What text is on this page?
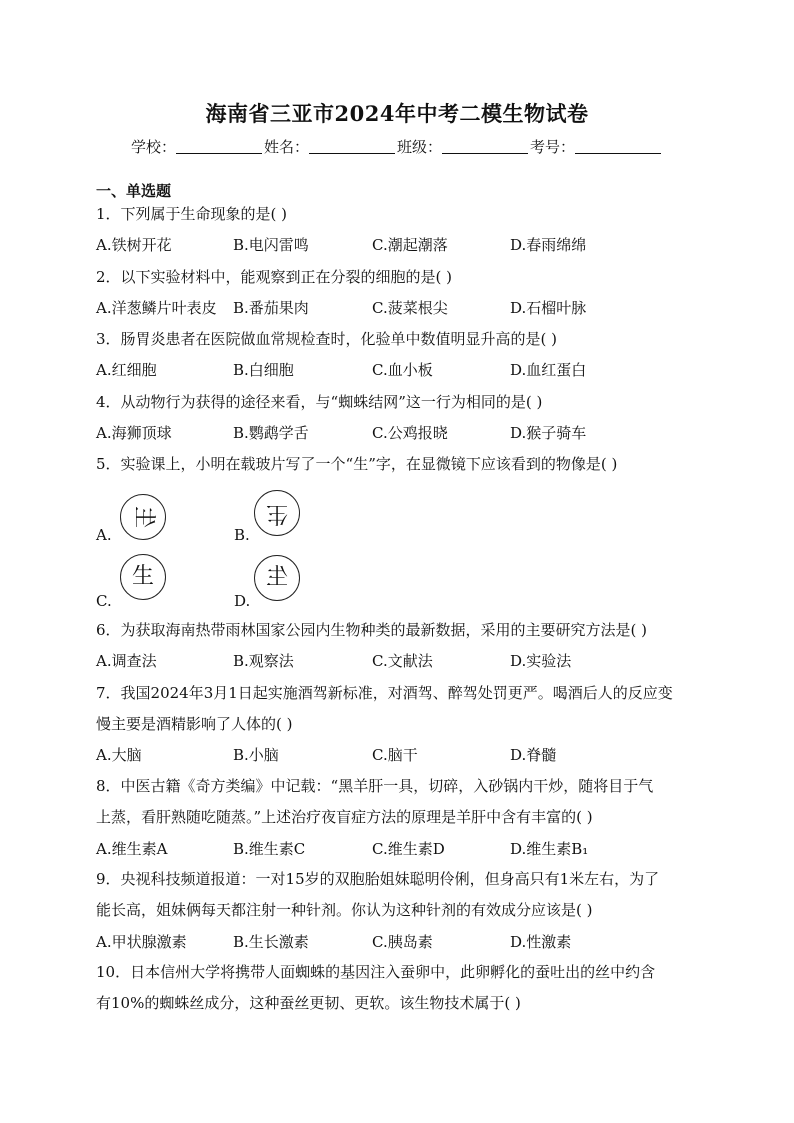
海南省三亚市2024年中考二模生物试卷
学校：	姓名：	班级：	考号：
一、单选题
1．下列属于生命现象的是( )
A.铁树开花	B.电闪雷鸣	C.潮起潮落	D.春雨绵绵
2．以下实验材料中，能观察到正在分裂的细胞的是( )
A.洋葱鳞片叶表皮 B.番茄果肉	C.菠菜根尖	D.石榴叶脉
3．肠胃炎患者在医院做血常规检查时，化验单中数值明显升高的是( )
A.红细胞	B.白细胞	C.血小板	D.血红蛋白
4．从动物行为获得的途径来看，与“蜘蛛结网”这一行为相同的是( )
A.海狮顶球	B.鹦鹉学舌	C.公鸡报晓	D.猴子骑车
5．实验课上，小明在载玻片写了一个“生”字，在显微镜下应该看到的物像是( )
A.
生
B.
生
C.
生
D.
生
6．为获取海南热带雨林国家公园内生物种类的最新数据，采用的主要研究方法是( )
A.调查法	B.观察法	C.文献法	D.实验法
7．我国2024年3月1日起实施酒驾新标准，对酒驾、醉驾处罚更严。喝酒后人的反应变
慢主要是酒精影响了人体的( )
A.大脑	B.小脑	C.脑干	D.脊髓
8．中医古籍《奇方类编》中记载：“黑羊肝一具，切碎，入砂锅内干炒，随将目于气
上蒸，看肝熟随吃随蒸。”上述治疗夜盲症方法的原理是羊肝中含有丰富的( )
A.维生素A	B.维生素C	C.维生素D	D.维生素B₁
9．央视科技频道报道：一对15岁的双胞胎姐妹聪明伶俐，但身高只有1米左右，为了
能长高，姐妹俩每天都注射一种针剂。你认为这种针剂的有效成分应该是( )
A.甲状腺激素	B.生长激素	C.胰岛素	D.性激素
10．日本信州大学将携带人面蜘蛛的基因注入蚕卵中，此卵孵化的蚕吐出的丝中约含
有10%的蜘蛛丝成分，这种蚕丝更韧、更软。该生物技术属于( )
